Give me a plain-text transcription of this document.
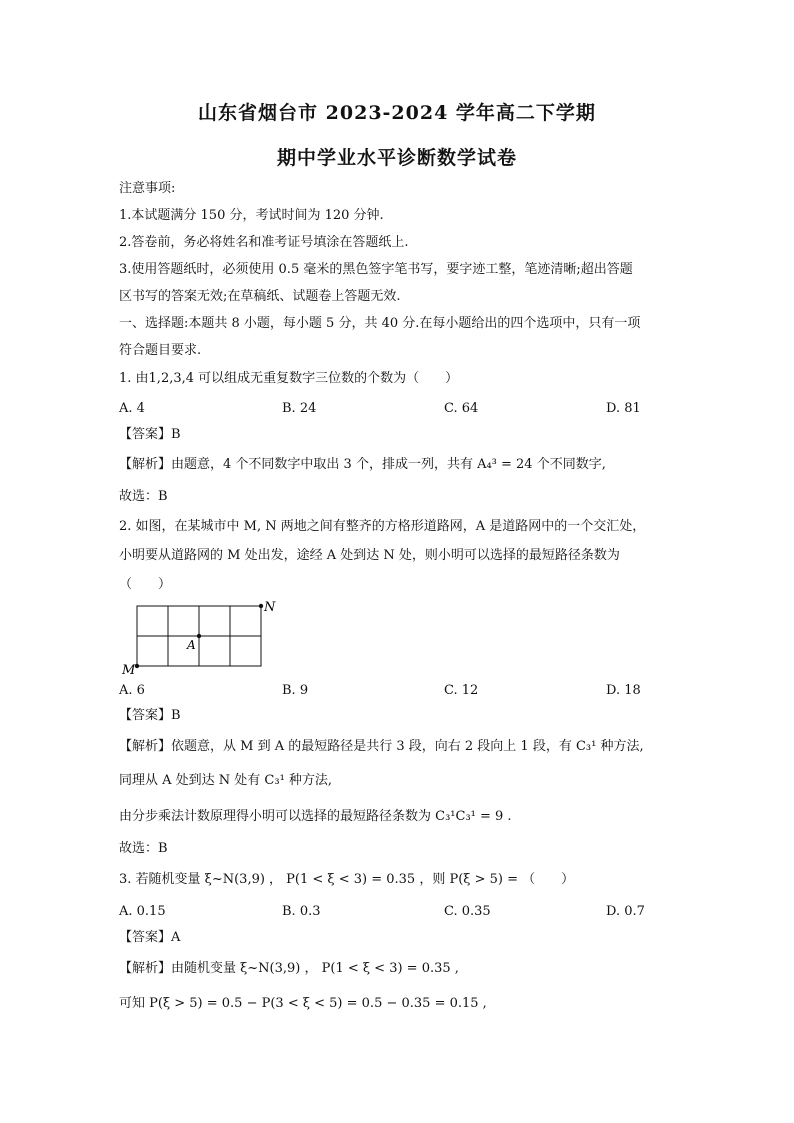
山东省烟台市 2023-2024 学年高二下学期
期中学业水平诊断数学试卷
注意事项:
1.本试题满分 150 分，考试时间为 120 分钟.
2.答卷前，务必将姓名和准考证号填涂在答题纸上.
3.使用答题纸时，必须使用 0.5 毫米的黑色签字笔书写，要字迹工整，笔迹清晰;超出答题
区书写的答案无效;在草稿纸、试题卷上答题无效.
一、选择题:本题共 8 小题，每小题 5 分，共 40 分.在每小题给出的四个选项中，只有一项
符合题目要求.
1. 由1,2,3,4 可以组成无重复数字三位数的个数为（　　）
A. 4	B. 24	C. 64	D. 81
【答案】B
【解析】由题意，4 个不同数字中取出 3 个，排成一列，共有 A₄³ = 24 个不同数字,
故选：B
2. 如图，在某城市中 M, N 两地之间有整齐的方格形道路网，A 是道路网中的一个交汇处，
小明要从道路网的 M 处出发，途经 A 处到达 N 处，则小明可以选择的最短路径条数为
（　　）
M
N
A
A. 6	B. 9	C. 12	D. 18
【答案】B
【解析】依题意，从 M 到 A 的最短路径是共行 3 段，向右 2 段向上 1 段，有 C₃¹ 种方法,
同理从 A 处到达 N 处有 C₃¹ 种方法,
由分步乘法计数原理得小明可以选择的最短路径条数为 C₃¹C₃¹ = 9 .
故选：B
3. 若随机变量 ξ~N(3,9) ， P(1 < ξ < 3) = 0.35 ，则 P(ξ > 5) = （　　）
A. 0.15	B. 0.3	C. 0.35	D. 0.7
【答案】A
【解析】由随机变量 ξ~N(3,9) ， P(1 < ξ < 3) = 0.35 ,
可知 P(ξ > 5) = 0.5 − P(3 < ξ < 5) = 0.5 − 0.35 = 0.15 ,
